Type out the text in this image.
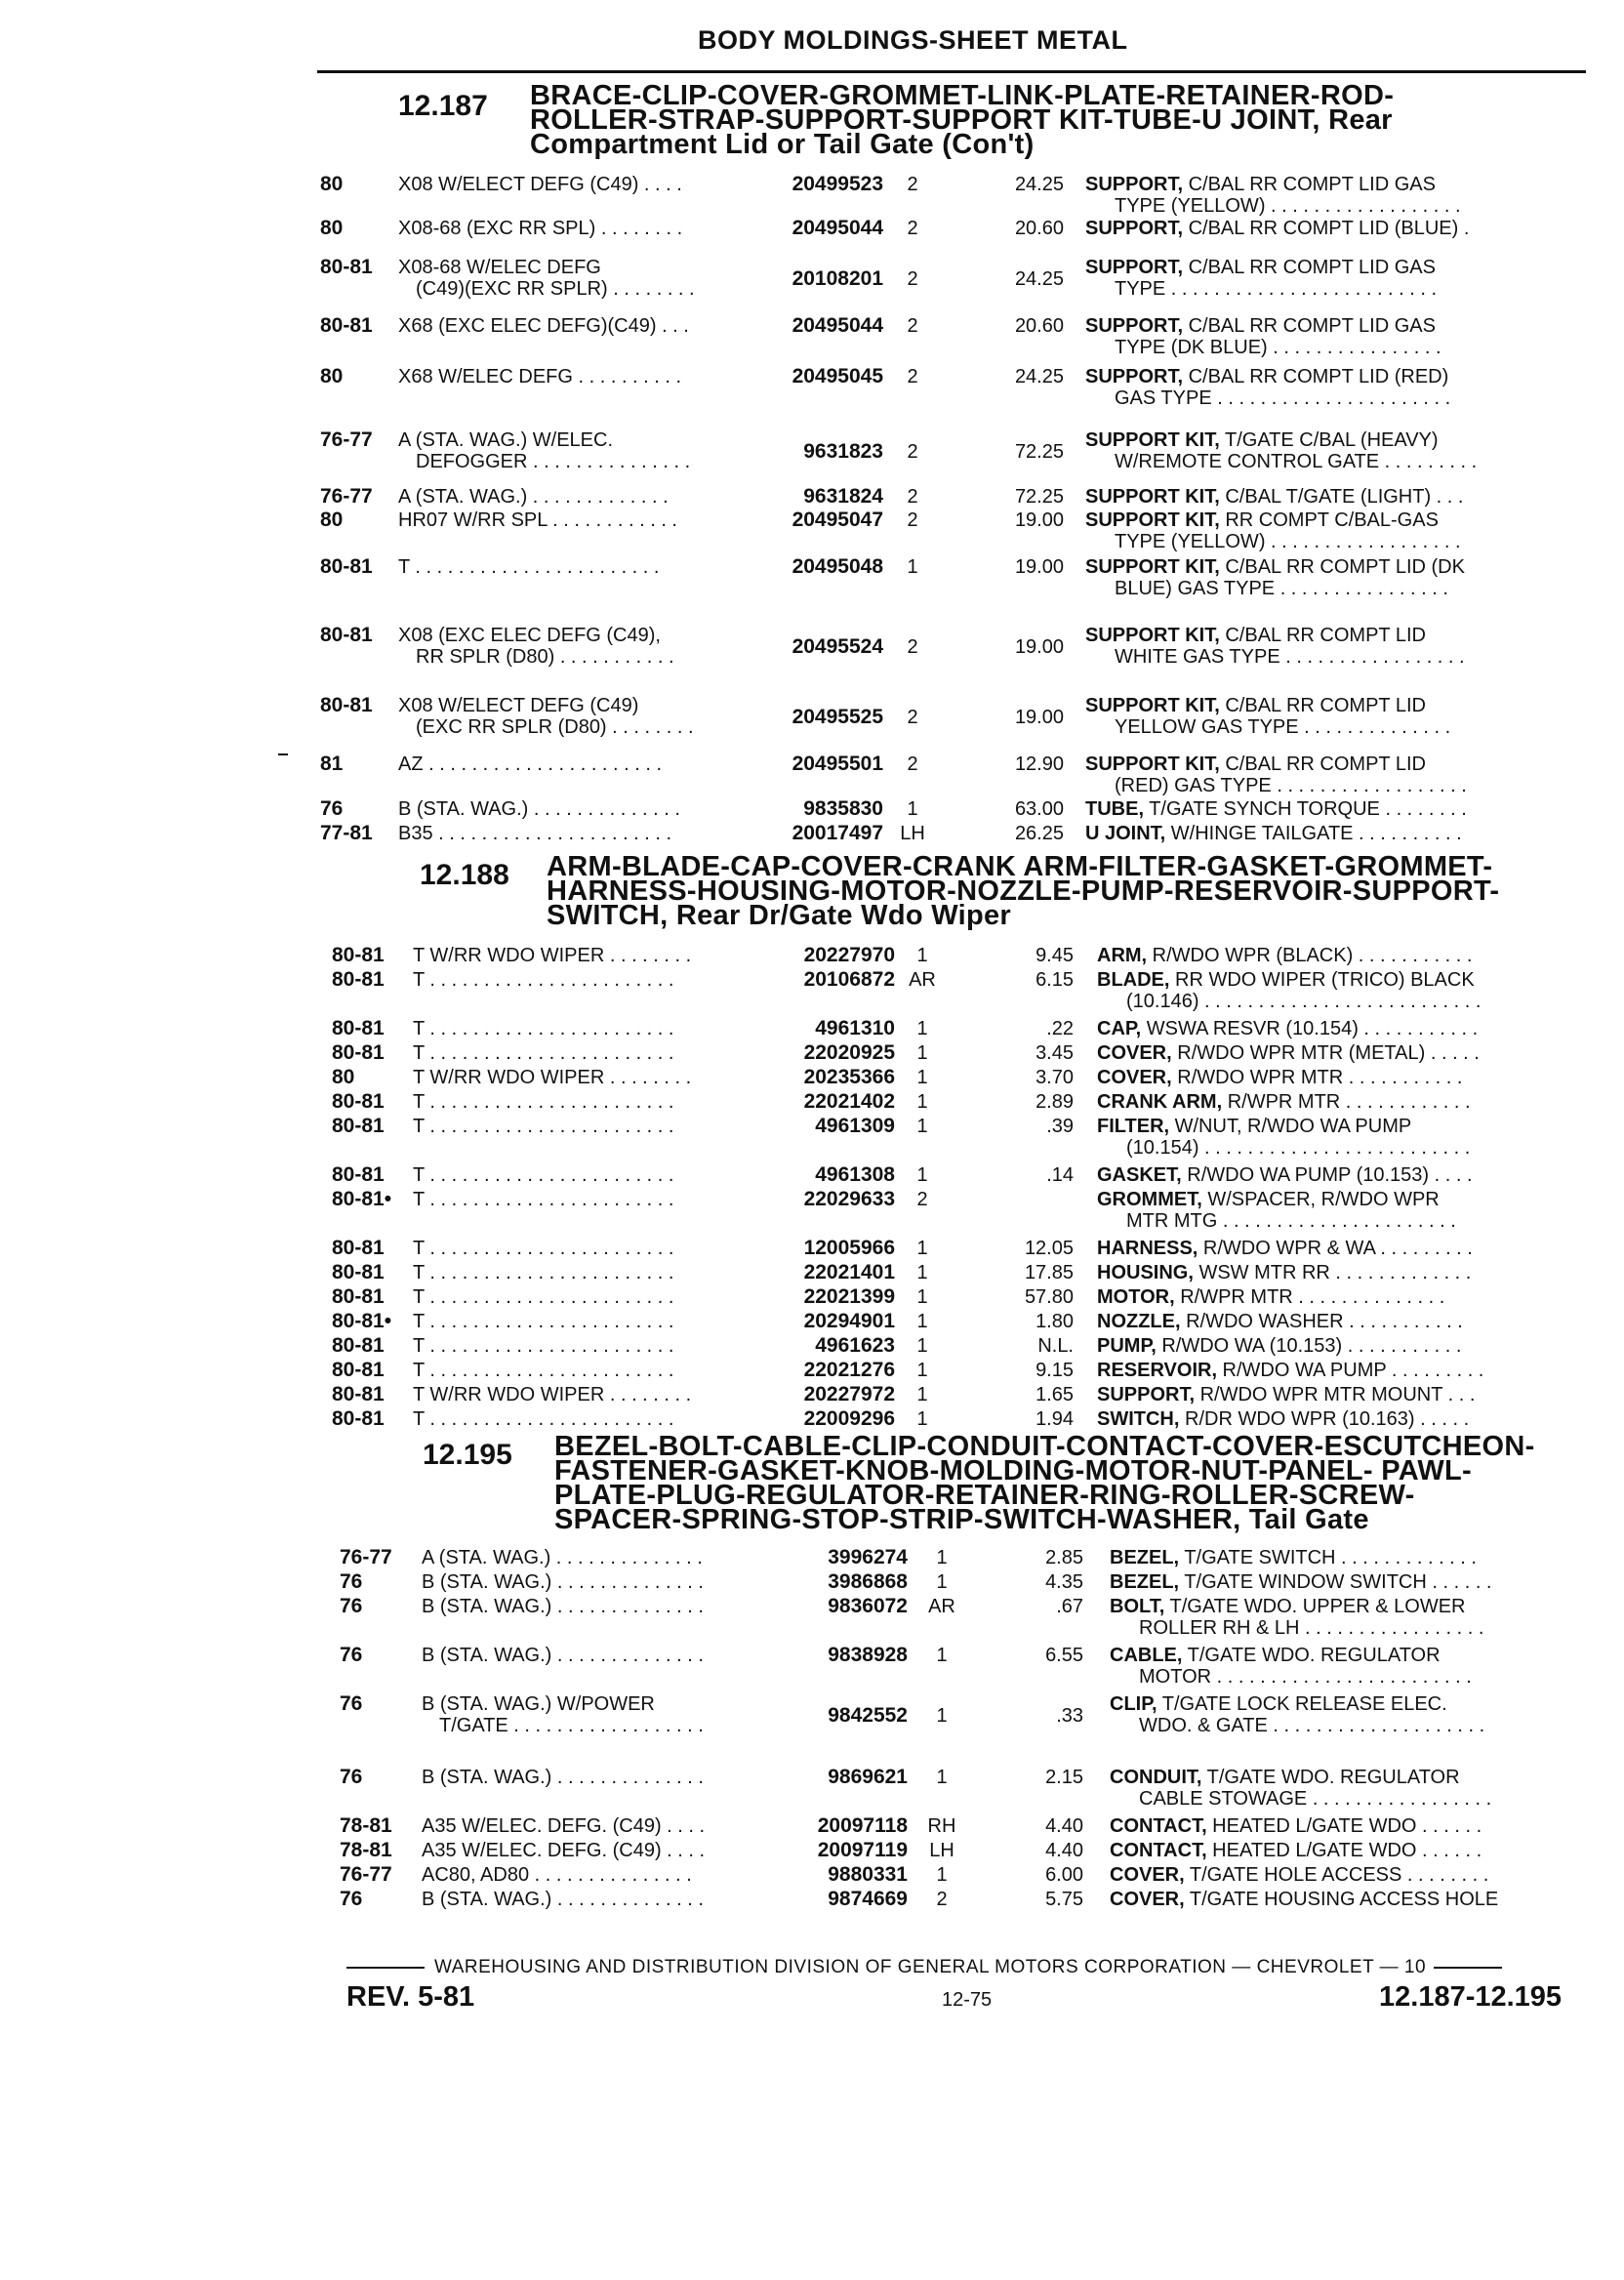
BODY MOLDINGS-SHEET METAL
12.187 BRACE-CLIP-COVER-GROMMET-LINK-PLATE-RETAINER-ROD-
ROLLER-STRAP-SUPPORT-SUPPORT KIT-TUBE-U JOINT, Rear
Compartment Lid or Tail Gate (Con't)
80	X08 W/ELECT DEFG (C49) . . . .	20499523	2	24.25 SUPPORT, C/BAL RR COMPT LID GAS
TYPE (YELLOW) . . . . . . . . . . . . . . . . . .
80	X08-68 (EXC RR SPL) . . . . . . . .	20495044	2	20.60 SUPPORT, C/BAL RR COMPT LID (BLUE) .
80-81 X08-68 W/ELEC DEFG
(C49)(EXC RR SPLR) . . . . . . . .	20108201	2	24.25
SUPPORT, C/BAL RR COMPT LID GAS
TYPE . . . . . . . . . . . . . . . . . . . . . . . . .
80-81 X68 (EXC ELEC DEFG)(C49) . . .	20495044	2	20.60 SUPPORT, C/BAL RR COMPT LID GAS
TYPE (DK BLUE) . . . . . . . . . . . . . . . .
80	X68 W/ELEC DEFG . . . . . . . . . .	20495045	2	24.25 SUPPORT, C/BAL RR COMPT LID (RED)
GAS TYPE . . . . . . . . . . . . . . . . . . . . . .
76-77 A (STA. WAG.) W/ELEC.
DEFOGGER . . . . . . . . . . . . . . .	9631823	2	72.25
SUPPORT KIT, T/GATE C/BAL (HEAVY)
W/REMOTE CONTROL GATE . . . . . . . . .
76-77 A (STA. WAG.) . . . . . . . . . . . . .	9631824	2	72.25 SUPPORT KIT, C/BAL T/GATE (LIGHT) . . .
80	HR07 W/RR SPL . . . . . . . . . . . .	20495047	2	19.00 SUPPORT KIT, RR COMPT C/BAL-GAS
TYPE (YELLOW) . . . . . . . . . . . . . . . . . .
80-81 T . . . . . . . . . . . . . . . . . . . . . . .	20495048	1	19.00 SUPPORT KIT, C/BAL RR COMPT LID (DK
BLUE) GAS TYPE . . . . . . . . . . . . . . . .
80-81 X08 (EXC ELEC DEFG (C49),
RR SPLR (D80) . . . . . . . . . . .	20495524	2	19.00
SUPPORT KIT, C/BAL RR COMPT LID
WHITE GAS TYPE . . . . . . . . . . . . . . . . .
80-81 X08 W/ELECT DEFG (C49)
(EXC RR SPLR (D80) . . . . . . . .	20495525	2	19.00
SUPPORT KIT, C/BAL RR COMPT LID
YELLOW GAS TYPE . . . . . . . . . . . . . .
81	AZ . . . . . . . . . . . . . . . . . . . . . .	20495501	2	12.90 SUPPORT KIT, C/BAL RR COMPT LID
(RED) GAS TYPE . . . . . . . . . . . . . . . . . .
76	B (STA. WAG.) . . . . . . . . . . . . . .	9835830	1	63.00 TUBE, T/GATE SYNCH TORQUE . . . . . . . .
77-81 B35 . . . . . . . . . . . . . . . . . . . . . .	20017497 LH	26.25 U JOINT, W/HINGE TAILGATE . . . . . . . . . .
12.188 ARM-BLADE-CAP-COVER-CRANK ARM-FILTER-GASKET-GROMMET-
HARNESS-HOUSING-MOTOR-NOZZLE-PUMP-RESERVOIR-SUPPORT-
SWITCH, Rear Dr/Gate Wdo Wiper
80-81 T W/RR WDO WIPER . . . . . . . .	20227970	1	9.45 ARM, R/WDO WPR (BLACK) . . . . . . . . . . .
80-81 T . . . . . . . . . . . . . . . . . . . . . . .	20106872 AR	6.15 BLADE, RR WDO WIPER (TRICO) BLACK
(10.146) . . . . . . . . . . . . . . . . . . . . . . . . . .
80-81 T . . . . . . . . . . . . . . . . . . . . . . .	4961310	1	.22 CAP, WSWA RESVR (10.154) . . . . . . . . . . .
80-81 T . . . . . . . . . . . . . . . . . . . . . . .	22020925	1	3.45 COVER, R/WDO WPR MTR (METAL) . . . . .
80	T W/RR WDO WIPER . . . . . . . .	20235366	1	3.70 COVER, R/WDO WPR MTR . . . . . . . . . . .
80-81 T . . . . . . . . . . . . . . . . . . . . . . .	22021402	1	2.89 CRANK ARM, R/WPR MTR . . . . . . . . . . . .
80-81 T . . . . . . . . . . . . . . . . . . . . . . .	4961309	1	.39 FILTER, W/NUT, R/WDO WA PUMP
(10.154) . . . . . . . . . . . . . . . . . . . . . . . . .
80-81 T . . . . . . . . . . . . . . . . . . . . . . .	4961308	1	.14 GASKET, R/WDO WA PUMP (10.153) . . . .
80-81• T . . . . . . . . . . . . . . . . . . . . . . .	22029633	2	GROMMET, W/SPACER, R/WDO WPR
MTR MTG . . . . . . . . . . . . . . . . . . . . . .
80-81 T . . . . . . . . . . . . . . . . . . . . . . .	12005966	1	12.05 HARNESS, R/WDO WPR & WA . . . . . . . . .
80-81 T . . . . . . . . . . . . . . . . . . . . . . .	22021401	1	17.85 HOUSING, WSW MTR RR . . . . . . . . . . . . .
80-81 T . . . . . . . . . . . . . . . . . . . . . . .	22021399	1	57.80 MOTOR, R/WPR MTR . . . . . . . . . . . . . .
80-81• T . . . . . . . . . . . . . . . . . . . . . . .	20294901	1	1.80 NOZZLE, R/WDO WASHER . . . . . . . . . . .
80-81 T . . . . . . . . . . . . . . . . . . . . . . .	4961623	1	N.L. PUMP, R/WDO WA (10.153) . . . . . . . . . . .
80-81 T . . . . . . . . . . . . . . . . . . . . . . .	22021276	1	9.15 RESERVOIR, R/WDO WA PUMP . . . . . . . . .
80-81 T W/RR WDO WIPER . . . . . . . .	20227972	1	1.65 SUPPORT, R/WDO WPR MTR MOUNT . . .
80-81 T . . . . . . . . . . . . . . . . . . . . . . .	22009296	1	1.94 SWITCH, R/DR WDO WPR (10.163) . . . . .
12.195 BEZEL-BOLT-CABLE-CLIP-CONDUIT-CONTACT-COVER-ESCUTCHEON-
FASTENER-GASKET-KNOB-MOLDING-MOTOR-NUT-PANEL- PAWL-
PLATE-PLUG-REGULATOR-RETAINER-RING-ROLLER-SCREW-
SPACER-SPRING-STOP-STRIP-SWITCH-WASHER, Tail Gate
76-77 A (STA. WAG.) . . . . . . . . . . . . . .	3996274	1	2.85 BEZEL, T/GATE SWITCH . . . . . . . . . . . . .
76	B (STA. WAG.) . . . . . . . . . . . . . .	3986868	1	4.35 BEZEL, T/GATE WINDOW SWITCH . . . . . .
76	B (STA. WAG.) . . . . . . . . . . . . . .	9836072	AR	.67 BOLT, T/GATE WDO. UPPER & LOWER
ROLLER RH & LH . . . . . . . . . . . . . . . . .
76	B (STA. WAG.) . . . . . . . . . . . . . .	9838928	1	6.55 CABLE, T/GATE WDO. REGULATOR
MOTOR . . . . . . . . . . . . . . . . . . . . . . . .
76	B (STA. WAG.) W/POWER
T/GATE . . . . . . . . . . . . . . . . . .	9842552	1	.33
CLIP, T/GATE LOCK RELEASE ELEC.
WDO. & GATE . . . . . . . . . . . . . . . . . . . .
76	B (STA. WAG.) . . . . . . . . . . . . . .	9869621	1	2.15 CONDUIT, T/GATE WDO. REGULATOR
CABLE STOWAGE . . . . . . . . . . . . . . . . .
78-81 A35 W/ELEC. DEFG. (C49) . . . .	20097118 RH	4.40 CONTACT, HEATED L/GATE WDO . . . . . .
78-81 A35 W/ELEC. DEFG. (C49) . . . .	20097119	LH	4.40 CONTACT, HEATED L/GATE WDO . . . . . .
76-77 AC80, AD80 . . . . . . . . . . . . . . .	9880331	1	6.00 COVER, T/GATE HOLE ACCESS . . . . . . . .
76	B (STA. WAG.) . . . . . . . . . . . . . .	9874669	2	5.75 COVER, T/GATE HOUSING ACCESS HOLE
WAREHOUSING AND DISTRIBUTION DIVISION OF GENERAL MOTORS CORPORATION — CHEVROLET — 10
REV. 5-81	12-75	12.187-12.195
